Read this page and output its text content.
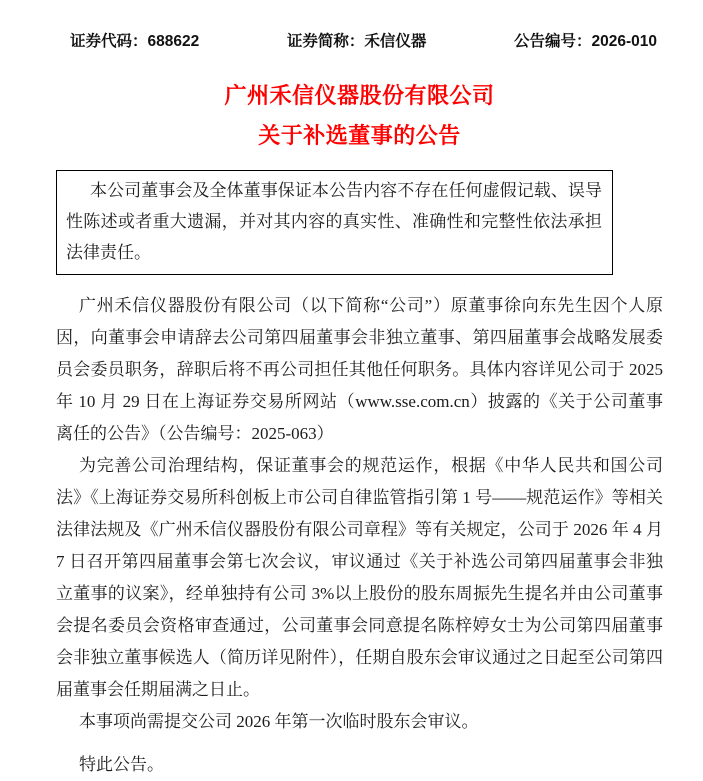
证券代码：688622	证券简称：禾信仪器	公告编号：2026-010
广州禾信仪器股份有限公司
关于补选董事的公告

本公司董事会及全体董事保证本公告内容不存在任何虚假记载、误导性陈述或者重大遗漏，并对其内容的真实性、准确性和完整性依法承担法律责任。

广州禾信仪器股份有限公司（以下简称“公司”）原董事徐向东先生因个人原因，向董事会申请辞去公司第四届董事会非独立董事、第四届董事会战略发展委员会委员职务，辞职后将不再公司担任其他任何职务。具体内容详见公司于 2025 年 10 月 29 日在上海证券交易所网站（www.sse.com.cn）披露的《关于公司董事离任的公告》（公告编号：2025-063）

为完善公司治理结构，保证董事会的规范运作，根据《中华人民共和国公司法》《上海证券交易所科创板上市公司自律监管指引第 1 号——规范运作》等相关法律法规及《广州禾信仪器股份有限公司章程》等有关规定，公司于 2026 年 4 月 7 日召开第四届董事会第七次会议，审议通过《关于补选公司第四届董事会非独立董事的议案》，经单独持有公司 3%以上股份的股东周振先生提名并由公司董事会提名委员会资格审查通过，公司董事会同意提名陈梓婷女士为公司第四届董事会非独立董事候选人（简历详见附件），任期自股东会审议通过之日起至公司第四届董事会任期届满之日止。

本事项尚需提交公司 2026 年第一次临时股东会审议。

特此公告。
